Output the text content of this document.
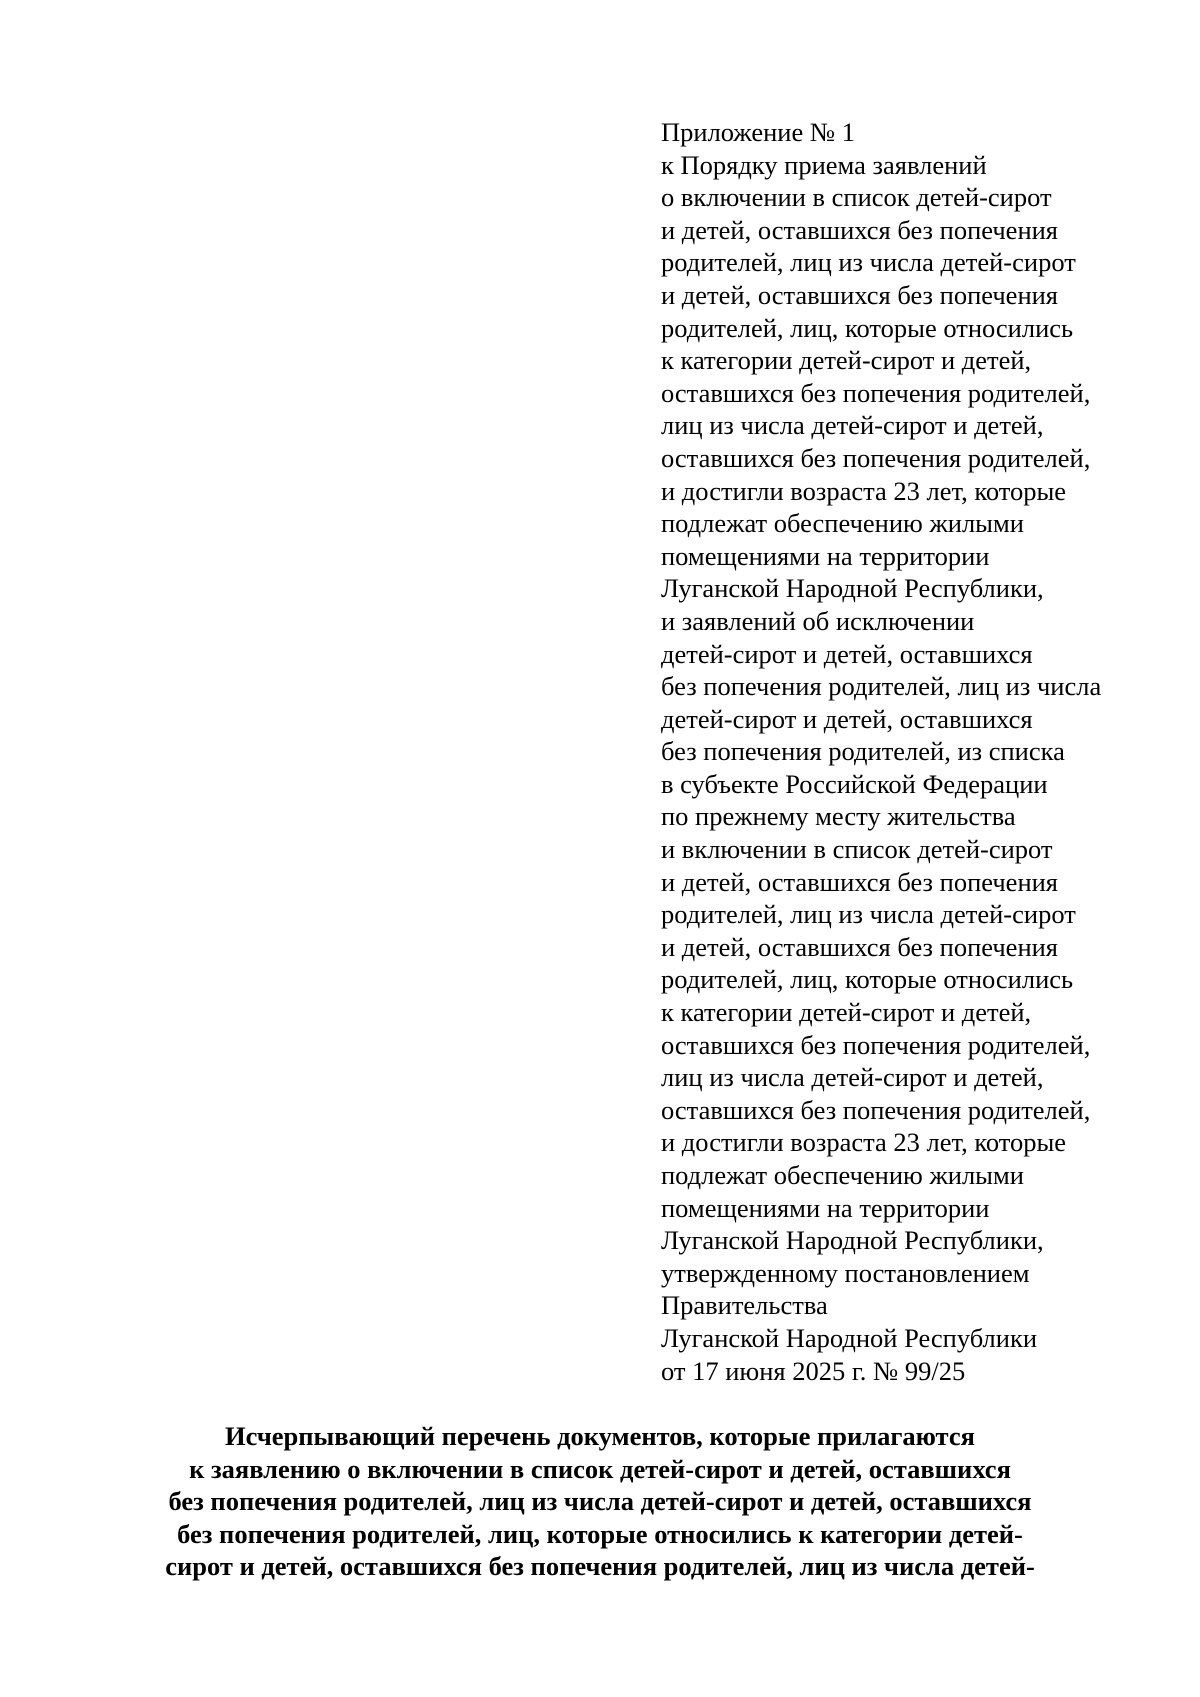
Приложение № 1
к Порядку приема заявлений
о включении в список детей-сирот
и детей, оставшихся без попечения
родителей, лиц из числа детей-сирот
и детей, оставшихся без попечения
родителей, лиц, которые относились
к категории детей-сирот и детей,
оставшихся без попечения родителей,
лиц из числа детей-сирот и детей,
оставшихся без попечения родителей,
и достигли возраста 23 лет, которые
подлежат обеспечению жилыми
помещениями на территории
Луганской Народной Республики,
и заявлений об исключении
детей-сирот и детей, оставшихся
без попечения родителей, лиц из числа
детей-сирот и детей, оставшихся
без попечения родителей, из списка
в субъекте Российской Федерации
по прежнему месту жительства
и включении в список детей-сирот
и детей, оставшихся без попечения
родителей, лиц из числа детей-сирот
и детей, оставшихся без попечения
родителей, лиц, которые относились
к категории детей-сирот и детей,
оставшихся без попечения родителей,
лиц из числа детей-сирот и детей,
оставшихся без попечения родителей,
и достигли возраста 23 лет, которые
подлежат обеспечению жилыми
помещениями на территории
Луганской Народной Республики,
утвержденному постановлением
Правительства
Луганской Народной Республики
от 17 июня 2025 г. № 99/25
Исчерпывающий перечень документов, которые прилагаются
к заявлению о включении в список детей-сирот и детей, оставшихся
без попечения родителей, лиц из числа детей-сирот и детей, оставшихся
без попечения родителей, лиц, которые относились к категории детей-
сирот и детей, оставшихся без попечения родителей, лиц из числа детей-
